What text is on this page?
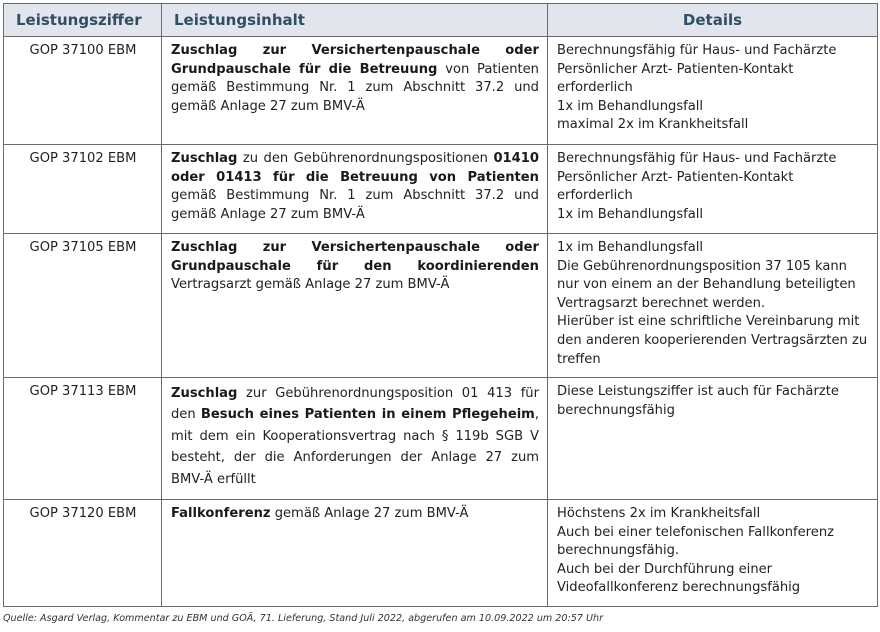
Leistungsziffer	Leistungsinhalt	Details
GOP 37100 EBM	Zuschlag zur Versichertenpauschale oder Grundpauschale für die Betreuung von Patienten gemäß Bestimmung Nr. 1 zum Abschnitt 37.2 und gemäß Anlage 27 zum BMV-Ä	Berechnungsfähig für Haus- und Fachärzte
Persönlicher Arzt- Patienten-Kontakt erforderlich
1x im Behandlungsfall
maximal 2x im Krankheitsfall

GOP 37102 EBM	Zuschlag zu den Gebührenordnungspositionen 01410 oder 01413 für die Betreuung von Patienten gemäß Bestimmung Nr. 1 zum Abschnitt 37.2 und gemäß Anlage 27 zum BMV-Ä	Berechnungsfähig für Haus- und Fachärzte
Persönlicher Arzt- Patienten-Kontakt erforderlich
1x im Behandlungsfall

GOP 37105 EBM	Zuschlag zur Versichertenpauschale oder Grundpauschale für den koordinierenden Vertragsarzt gemäß Anlage 27 zum BMV-Ä	1x im Behandlungsfall
Die Gebührenordnungsposition 37 105 kann nur von einem an der Behandlung beteiligten Vertragsarzt berechnet werden.
Hierüber ist eine schriftliche Vereinbarung mit den anderen kooperierenden Vertragsärzten zu treffen

GOP 37113 EBM	Zuschlag zur Gebührenordnungsposition 01 413 für den Besuch eines Patienten in einem Pflegeheim, mit dem ein Kooperationsvertrag nach § 119b SGB V besteht, der die Anforderungen der Anlage 27 zum BMV-Ä erfüllt	Diese Leistungsziffer ist auch für Fachärzte berechnungsfähig

GOP 37120 EBM	Fallkonferenz gemäß Anlage 27 zum BMV-Ä	Höchstens 2x im Krankheitsfall
Auch bei einer telefonischen Fallkonferenz berechnungsfähig.
Auch bei der Durchführung einer Videofallkonferenz berechnungsfähig
Quelle: Asgard Verlag, Kommentar zu EBM und GOÄ, 71. Lieferung, Stand Juli 2022, abgerufen am 10.09.2022 um 20:57 Uhr
